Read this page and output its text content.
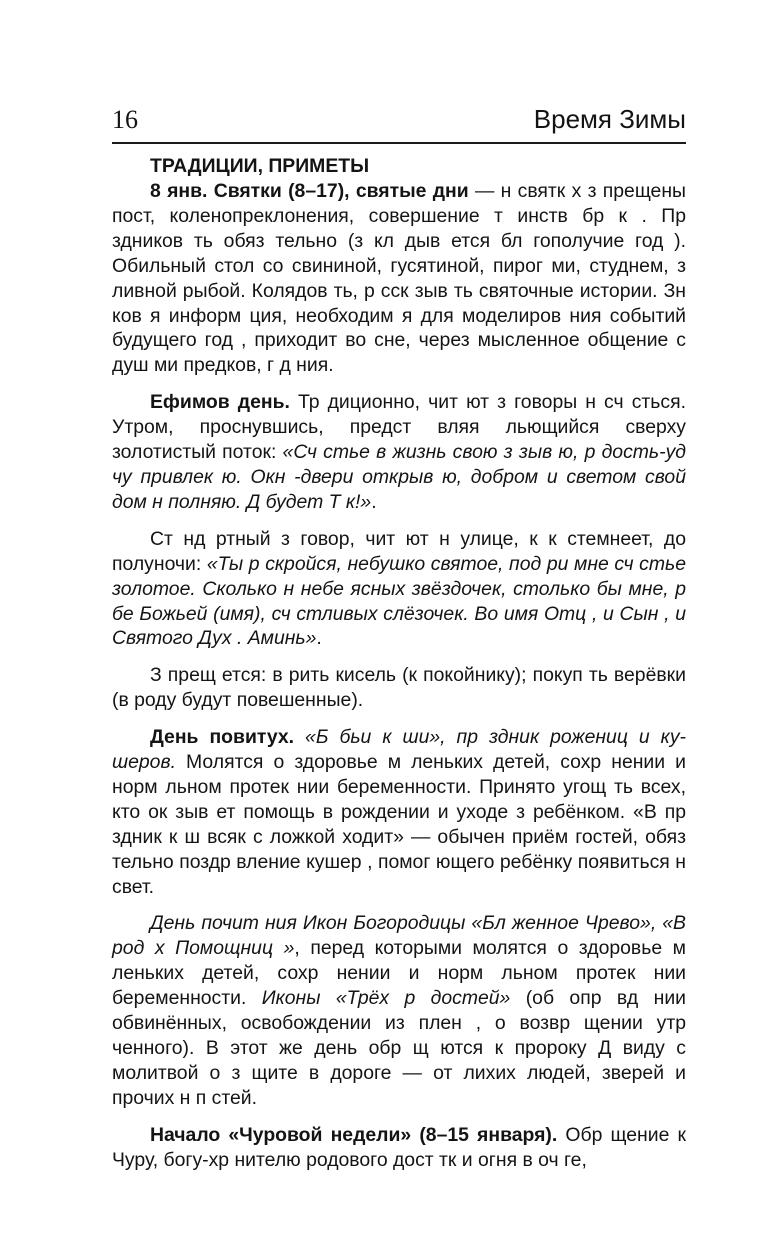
16	Время Зимы
ТРАДИЦИИ, ПРИМЕТЫ

8 янв. Святки (8–17), святые дни — н святк х з прещены пост, коленопреклонения, совершение т инств бр к . Пр здников ть обяз тельно (з кл дыв ется бл гополучие год ). Обильный стол со свининой, гусятиной, пирог ми, студнем, з ливной рыбой. Колядов ть, р сск зыв ть святочные истории. Зн ков я информ ция, необходим я для моделиров ния событий будущего год , приходит во сне, через мысленное общение с душ ми предков, г д ния.

Ефимов день. Тр диционно, чит ют з говоры н сч сться. Утром, проснувшись, предст вляя льющийся сверху золотистый поток: «Сч стье в жизнь свою з зыв ю, р дость-уд чу привлек ю. Окн -двери открыв ю, добром и светом свой дом н полняю. Д будет Т к!».

Ст нд ртный з говор, чит ют н улице, к к стемнеет, до полуночи: «Ты р скройся, небушко святое, под ри мне сч стье золотое. Сколько н небе ясных звёздочек, столько бы мне, р бе Божьей (имя), сч стливых слёзочек. Во имя Отц , и Сын , и Святого Дух . Аминь».

З прещ ется: в рить кисель (к покойнику); покуп ть верёвки (в роду будут повешенные).

День повитух. «Б бьи к ши», пр здник рожениц и кушеров. Молятся о здоровье м леньких детей, сохр нении и норм льном протек нии беременности. Принято угощ ть всех, кто ок зыв ет помощь в рождении и уходе з ребёнком. «В пр здник к ш всяк с ложкой ходит» — обычен приём гостей, обяз тельно поздр вление кушер , помог ющего ребёнку появиться н свет.

День почит ния Икон Богородицы «Бл женное Чрево», «В род х Помощниц », перед которыми молятся о здоровье м леньких детей, сохр нении и норм льном протек нии беременности. Иконы «Трёх р достей» (об опр вд нии обвинённых, освобождении из плен , о возвр щении утр ченного). В этот же день обр щ ются к пророку Д виду с молитвой о з щите в дороге — от лихих людей, зверей и прочих н п стей.

Начало «Чуровой недели» (8–15 января). Обр щение к Чуру, богу-хр нителю родового дост тк и огня в оч ге,
